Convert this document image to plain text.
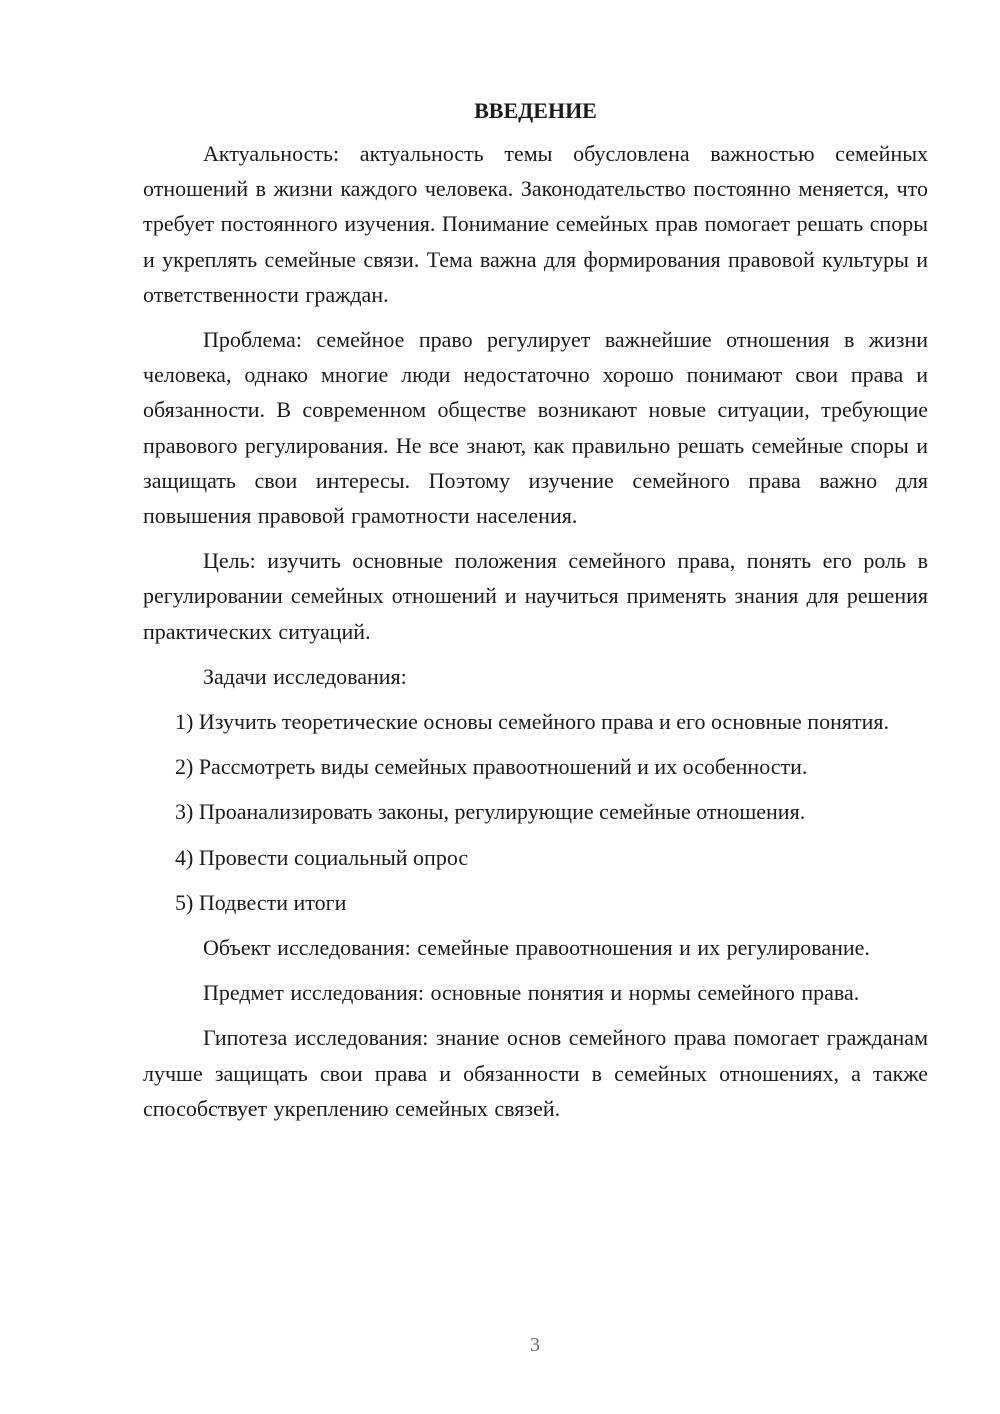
ВВЕДЕНИЕ

Актуальность: актуальность темы обусловлена важностью семейных отношений в жизни каждого человека. Законодательство постоянно меняется, что требует постоянного изучения. Понимание семейных прав помогает решать споры и укреплять семейные связи. Тема важна для формирования правовой культуры и ответственности граждан.

Проблема: семейное право регулирует важнейшие отношения в жизни человека, однако многие люди недостаточно хорошо понимают свои права и обязанности. В современном обществе возникают новые ситуации, требующие правового регулирования. Не все знают, как правильно решать семейные споры и защищать свои интересы. Поэтому изучение семейного права важно для повышения правовой грамотности населения.

Цель: изучить основные положения семейного права, понять его роль в регулировании семейных отношений и научиться применять знания для решения практических ситуаций.

Задачи исследования:

1) Изучить теоретические основы семейного права и его основные понятия.

2) Рассмотреть виды семейных правоотношений и их особенности.

3) Проанализировать законы, регулирующие семейные отношения.

4) Провести социальный опрос

5) Подвести итоги

Объект исследования: семейные правоотношения и их регулирование.

Предмет исследования: основные понятия и нормы семейного права.

Гипотеза исследования: знание основ семейного права помогает гражданам лучше защищать свои права и обязанности в семейных отношениях, а также способствует укреплению семейных связей.

3
